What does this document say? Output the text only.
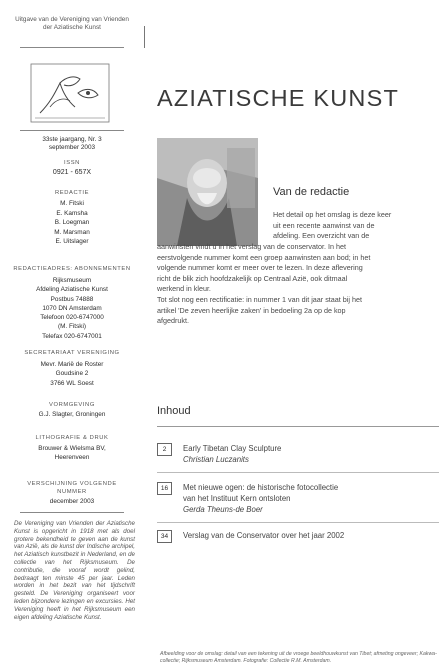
Uitgave van de Vereniging van Vrienden der Aziatische Kunst
33ste jaargang, Nr. 3
september 2003
ISSN
0921 - 657X
REDACTIE
M. Fitski
E. Kamsha
B. Loegman
M. Marsman
E. Uitslager
REDACTIEADRES: ABONNEMENTEN
Rijksmuseum
Afdeling Aziatische Kunst
Postbus 74888
1070 DN Amsterdam
Telefoon 020-6747000
(M. Fitski)
Telefax 020-6747001
SECRETARIAAT VERENIGING
Mevr. Marië de Roster
Goudsine 2
3766 WL Soest
VORMGEVING
G.J. Slagter, Groningen
LITHOGRAFIE & DRUK
Brouwer & Wielsma BV,
Heerenveen
VERSCHIJNING VOLGENDE NUMMER
december 2003
De Vereniging van Vrienden der Aziatische Kunst is opgericht in 1918 met als doel grotere bekendheid te geven aan de kunst van Azië, als de kunst der Indische archipel, het Aziatisch kunstbezit in Nederland, en de collectie van het Rijksmuseum. De contributie, die vooraf wordt gelind, bedraagt ten minste 45 per jaar. Leden worden in het bezit van het tijdschrift gesteld. De Vereniging organiseert voor leden bijzondere lezingen en excursies. Het Vereniging heeft in het Rijksmuseum een eigen afdeling Aziatische Kunst.
AZIATISCHE KUNST
Van de redactie
Het detail op het omslag is deze keer
uit een recente aanwinst van de
afdeling. Een overzicht van de
aanwinsten vindt u in het verslag van de conservator. In het
eerstvolgende nummer komt een groep aanwinsten aan bod; in het
volgende nummer komt er meer over te lezen. In deze aflevering
richt de blik zich hoofdzakelijk op Centraal Azië, ook ditmaal
werkend in kleur.
Tot slot nog een rectificatie: in nummer 1 van dit jaar staat bij het
artikel 'De zeven heerlijke zaken' in bedoeling 2a op de kop
afgedrukt.
Inhoud
2	Early Tibetan Clay Sculpture
Christian Luczanits
16	Met nieuwe ogen: de historische fotocollectie
van het Instituut Kern ontsloten
Gerda Theuns-de Boer
34	Verslag van de Conservator over het jaar 2002
Afbeelding voor de omslag: detail van een tekening uit de vroege beeldhouwkunst van Tibet; afmeting ongeveer; Kakwa-collectie; Rijksmuseum Amsterdam. Fotografie: Collectie R.M. Amsterdam.
